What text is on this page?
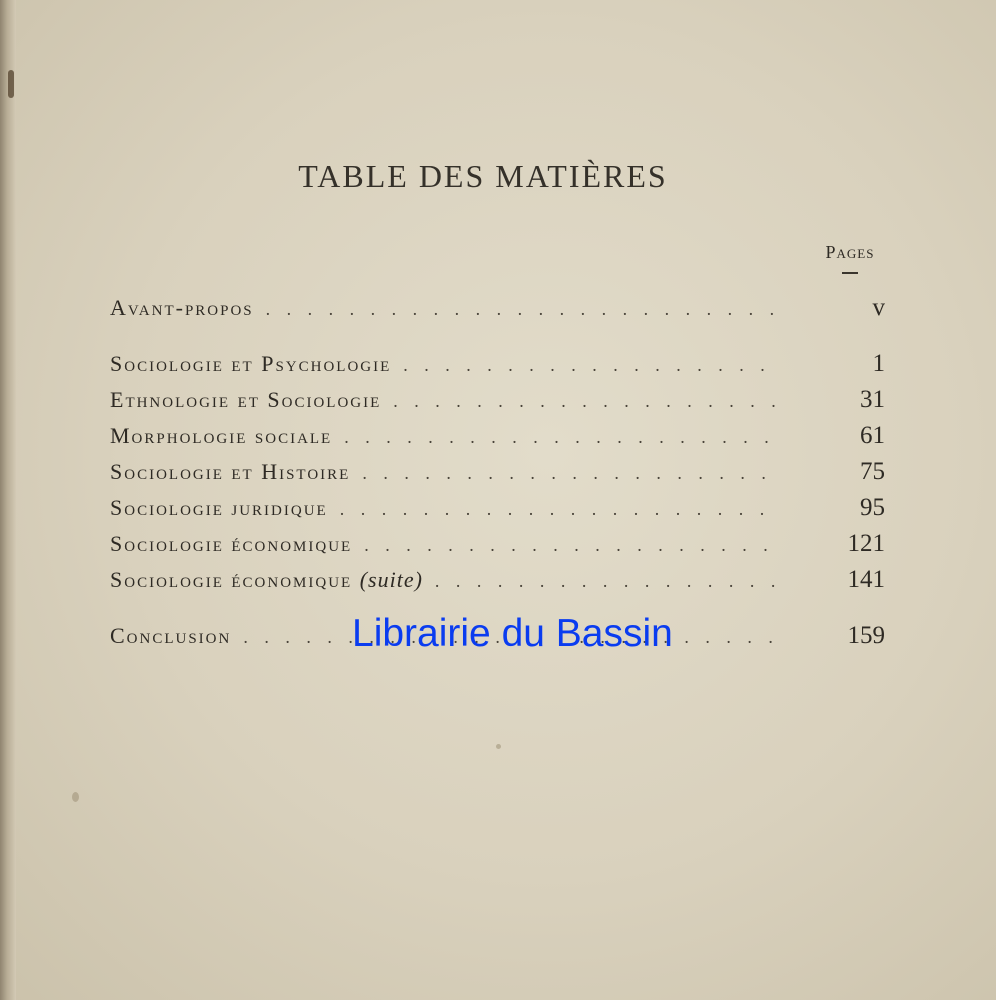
TABLE DES MATIÈRES
Pages
Avant-propos . . .	v
Sociologie et Psychologie . . .	1
Ethnologie et Sociologie . . .	31
Morphologie sociale . . .	61
Sociologie et Histoire . . .	75
Sociologie juridique . . .	95
Sociologie économique . . .	121
Sociologie économique (suite) . . .	141
Conclusion . . .	159
Librairie du Bassin
